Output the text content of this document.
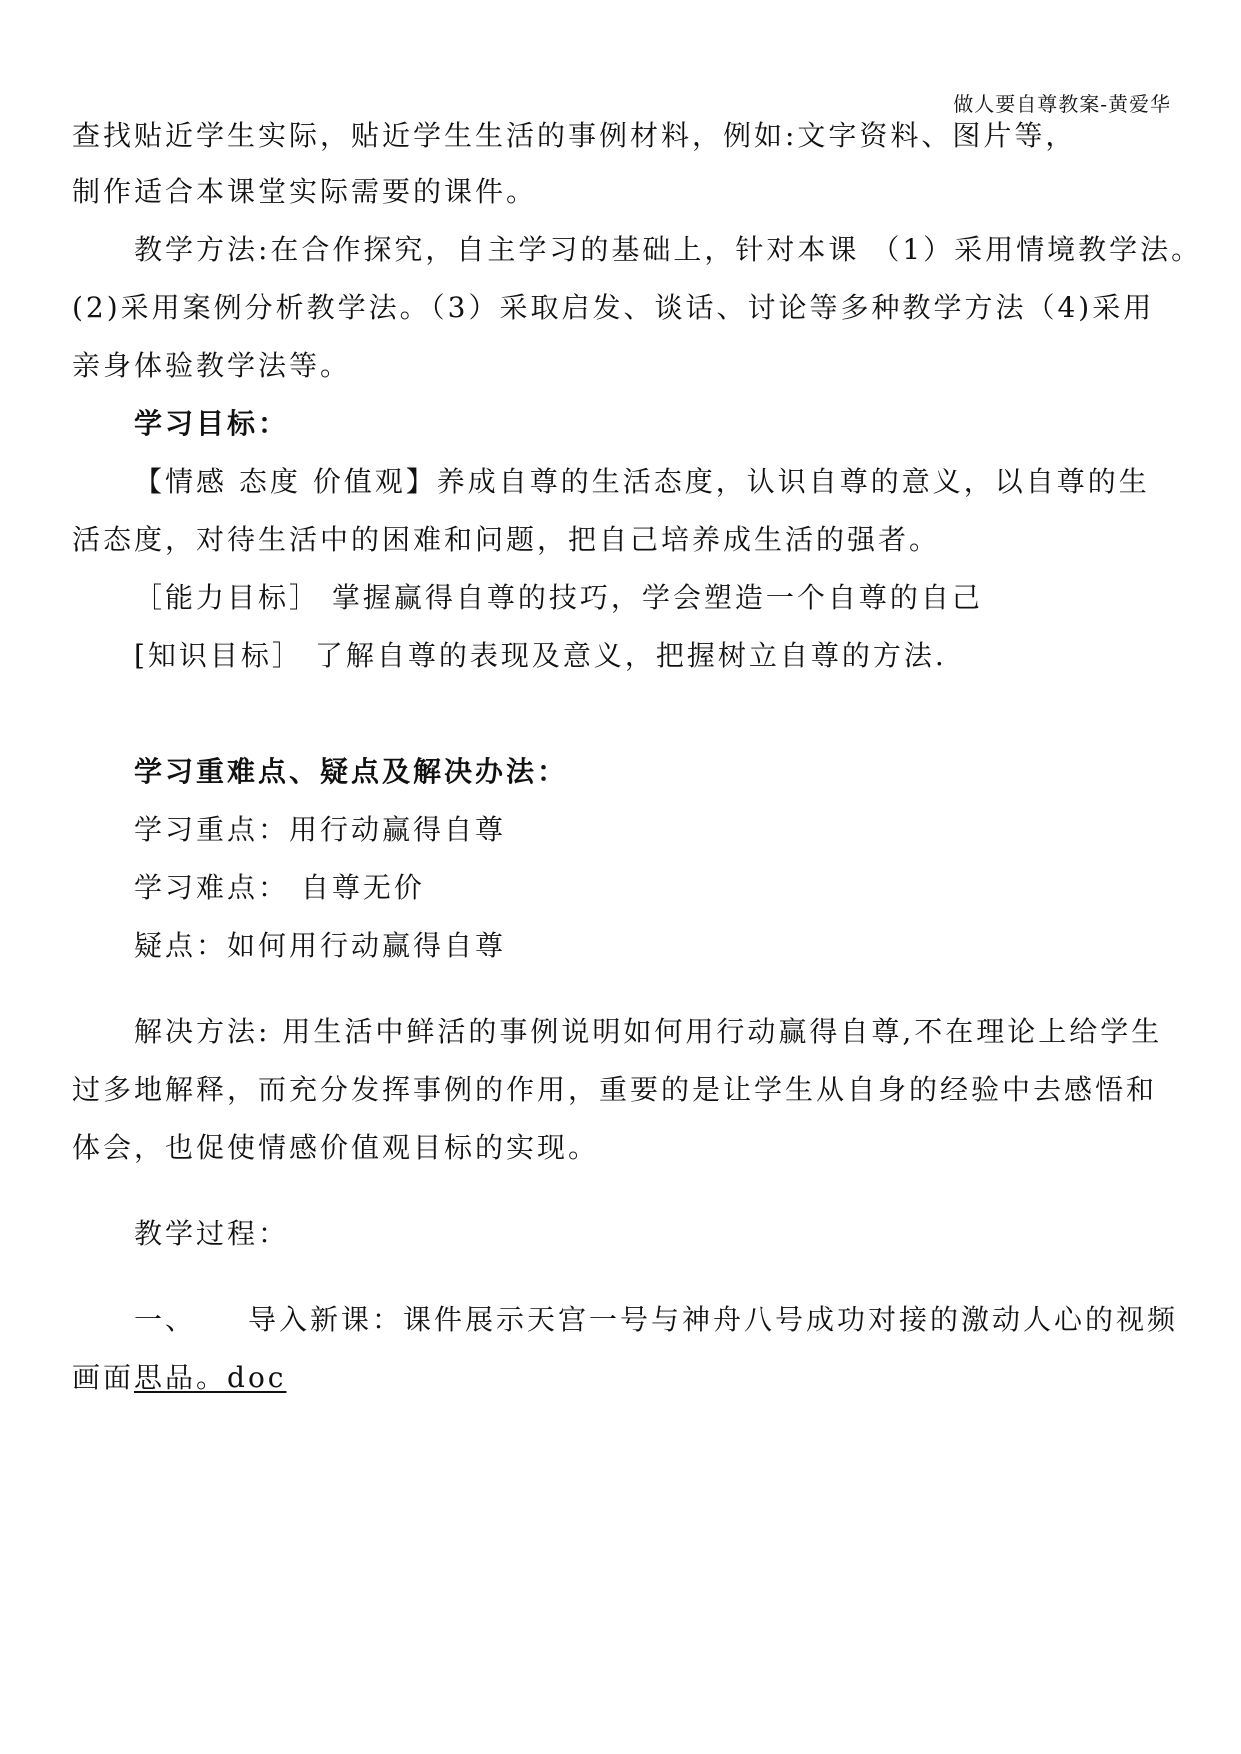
做人要自尊教案-黄爱华
查找贴近学生实际，贴近学生生活的事例材料，例如:文字资料、图片等，
制作适合本课堂实际需要的课件。
教学方法:在合作探究，自主学习的基础上，针对本课 （1）采用情境教学法。
(2)采用案例分析教学法。（3）采取启发、谈话、讨论等多种教学方法（4)采用
亲身体验教学法等。
学习目标：
【情感 态度 价值观】养成自尊的生活态度，认识自尊的意义，以自尊的生
活态度，对待生活中的困难和问题，把自己培养成生活的强者。
［能力目标］ 掌握赢得自尊的技巧，学会塑造一个自尊的自己
[知识目标］ 了解自尊的表现及意义，把握树立自尊的方法.
学习重难点、疑点及解决办法：
学习重点：用行动赢得自尊
学习难点： 自尊无价
疑点：如何用行动赢得自尊
解决方法: 用生活中鲜活的事例说明如何用行动赢得自尊,不在理论上给学生
过多地解释，而充分发挥事例的作用，重要的是让学生从自身的经验中去感悟和
体会，也促使情感价值观目标的实现。
教学过程：
一、 导入新课：课件展示天宫一号与神舟八号成功对接的激动人心的视频
画面思品。doc
